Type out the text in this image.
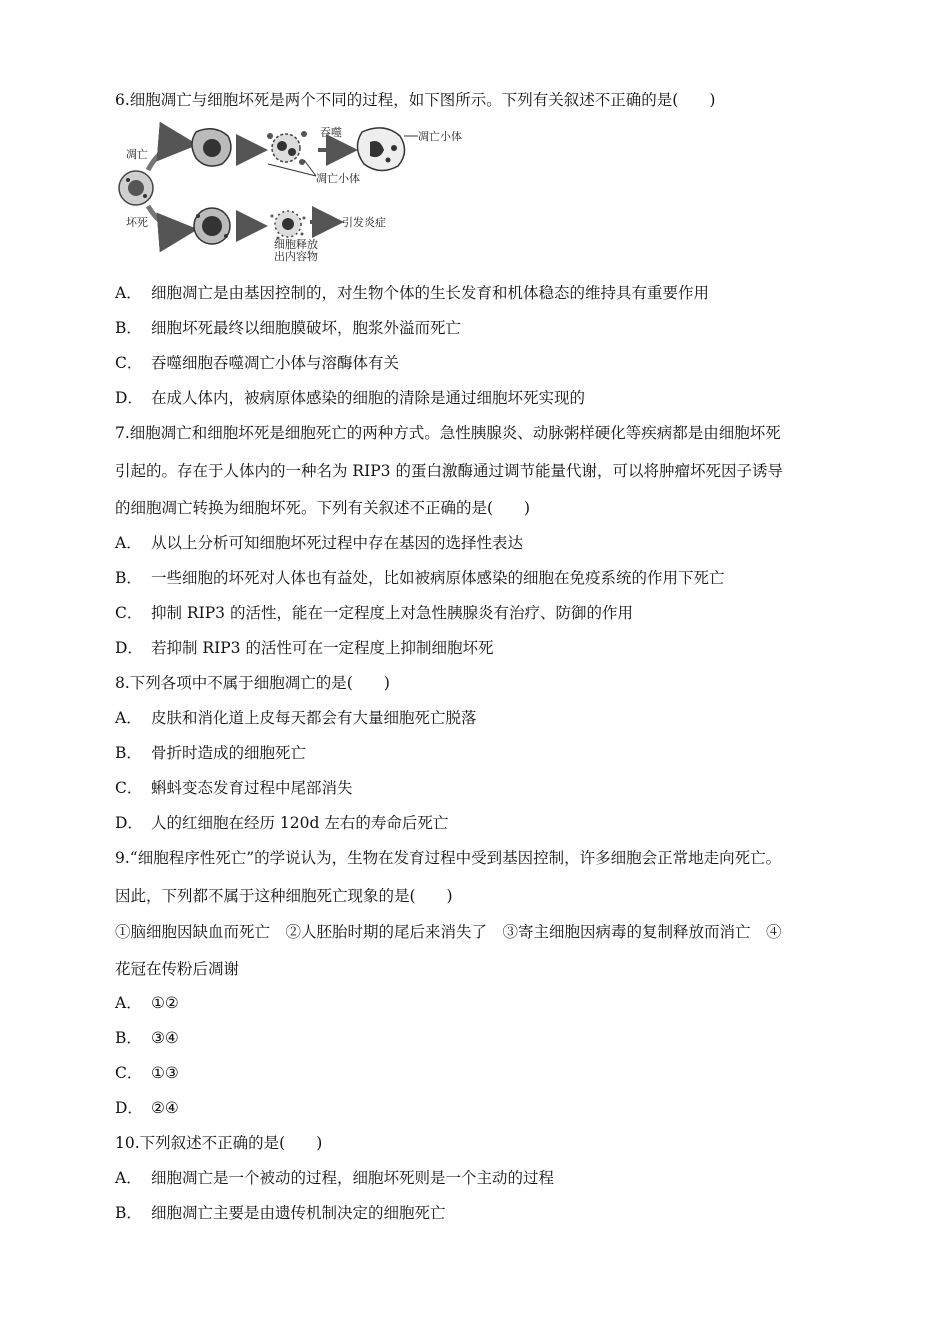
6.细胞凋亡与细胞坏死是两个不同的过程，如下图所示。下列有关叙述不正确的是(　　)
凋亡
坏死
凋亡小体
吞噬	凋亡小体
引发炎症
细胞释放
出内容物
A． 细胞凋亡是由基因控制的，对生物个体的生长发育和机体稳态的维持具有重要作用
B． 细胞坏死最终以细胞膜破坏，胞浆外溢而死亡
C． 吞噬细胞吞噬凋亡小体与溶酶体有关
D． 在成人体内，被病原体感染的细胞的清除是通过细胞坏死实现的
7.细胞凋亡和细胞坏死是细胞死亡的两种方式。急性胰腺炎、动脉粥样硬化等疾病都是由细胞坏死
引起的。存在于人体内的一种名为 RIP3 的蛋白激酶通过调节能量代谢，可以将肿瘤坏死因子诱导
的细胞凋亡转换为细胞坏死。下列有关叙述不正确的是(　　)
A． 从以上分析可知细胞坏死过程中存在基因的选择性表达
B． 一些细胞的坏死对人体也有益处，比如被病原体感染的细胞在免疫系统的作用下死亡
C． 抑制 RIP3 的活性，能在一定程度上对急性胰腺炎有治疗、防御的作用
D． 若抑制 RIP3 的活性可在一定程度上抑制细胞坏死
8.下列各项中不属于细胞凋亡的是(　　)
A． 皮肤和消化道上皮每天都会有大量细胞死亡脱落
B． 骨折时造成的细胞死亡
C． 蝌蚪变态发育过程中尾部消失
D． 人的红细胞在经历 120d 左右的寿命后死亡
9.“细胞程序性死亡”的学说认为，生物在发育过程中受到基因控制，许多细胞会正常地走向死亡。
因此，下列都不属于这种细胞死亡现象的是(　　)
①脑细胞因缺血而死亡　②人胚胎时期的尾后来消失了　③寄主细胞因病毒的复制释放而消亡　④
花冠在传粉后凋谢
A． ①②
B． ③④
C． ①③
D． ②④
10.下列叙述不正确的是(　　)
A． 细胞凋亡是一个被动的过程，细胞坏死则是一个主动的过程
B． 细胞凋亡主要是由遗传机制决定的细胞死亡
